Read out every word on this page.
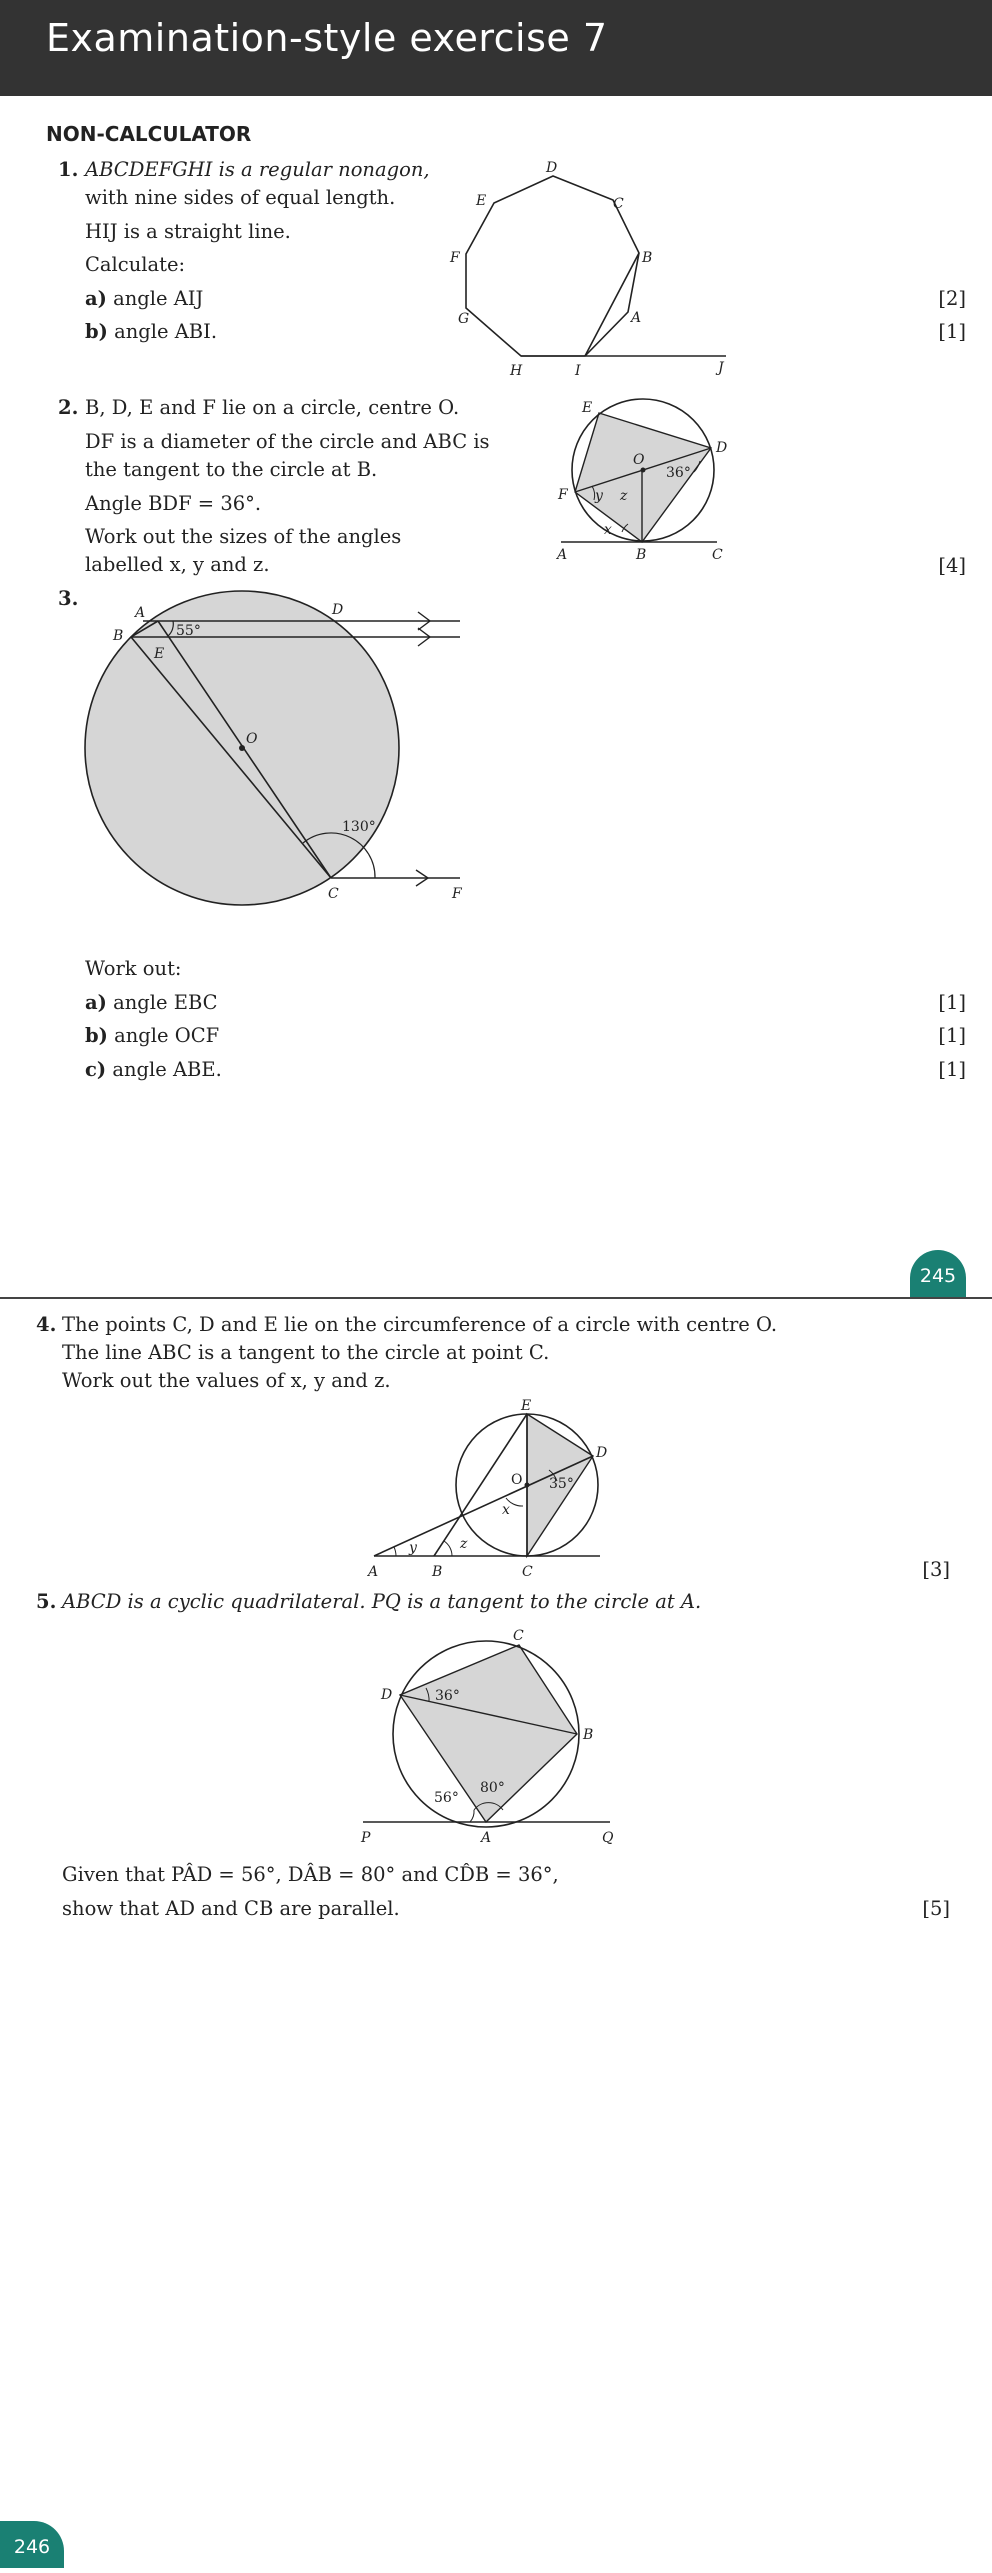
Examination-style exercise 7
NON-CALCULATOR
1. ABCDEFGHI is a regular nonagon,
with nine sides of equal length.
HIJ is a straight line.
Calculate:
a) angle AIJ
b) angle ABI.
[2]
[1]
D
C
B
A
E
F
G
H	I	J
2. B, D, E and F lie on a circle, centre O.
DF is a diameter of the circle and ABC is
the tangent to the circle at B.
Angle BDF = 36°.
Work out the sizes of the angles
labelled x, y and z.	[4]
E
D
O
36°
F y z
x
A	B	C
3.
A	D
B	55°
E
O
130°
C	F
Work out:
a) angle EBC
b) angle OCF
c) angle ABE.
[1]
[1]
[1]
245
4. The points C, D and E lie on the circumference of a circle with centre O.
The line ABC is a tangent to the circle at point C.
Work out the values of x, y and z.
[3]
E
D
O 35°
x
y	z
A	B	C
5. ABCD is a cyclic quadrilateral. PQ is a tangent to the circle at A.
C
D	36°
B
56°
80°
P	A	Q
Given that PÂD = 56°, DÂB = 80° and CD̂B = 36°,
show that AD and CB are parallel.	[5]
246
